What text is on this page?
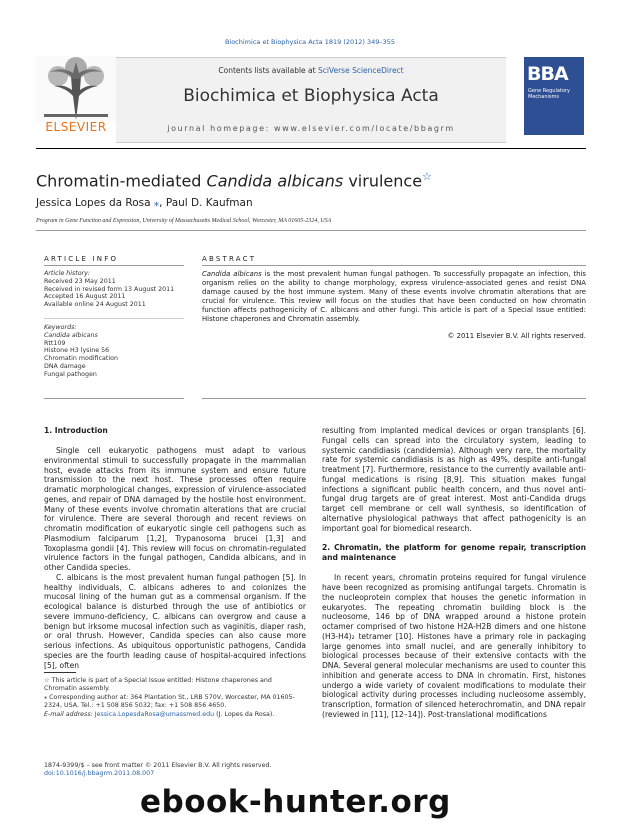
Biochimica et Biophysica Acta 1819 (2012) 349–355
Contents lists available at SciVerse ScienceDirect
Biochimica et Biophysica Acta
journal homepage: www.elsevier.com/locate/bbagrm
ELSEVIER
BBA
Gene Regulatory Mechanisms
Chromatin-mediated Candida albicans virulence☆
Jessica Lopes da Rosa ⁎, Paul D. Kaufman
Program in Gene Function and Expression, University of Massachusetts Medical School, Worcester, MA 01605-2324, USA
ARTICLE INFO	ABSTRACT
Article history:
Received 23 May 2011
Received in revised form 13 August 2011
Accepted 16 August 2011
Available online 24 August 2011
Keywords:
Candida albicans
Rtt109
Histone H3 lysine 56
Chromatin modification
DNA damage
Fungal pathogen
Candida albicans is the most prevalent human fungal pathogen. To successfully propagate an infection, this organism relies on the ability to change morphology, express virulence-associated genes and resist DNA damage caused by the host immune system. Many of these events involve chromatin alterations that are crucial for virulence. This review will focus on the studies that have been conducted on how chromatin function affects pathogenicity of C. albicans and other fungi. This article is part of a Special Issue entitled: Histone chaperones and Chromatin assembly.
© 2011 Elsevier B.V. All rights reserved.
1. Introduction

Single cell eukaryotic pathogens must adapt to various environmental stimuli to successfully propagate in the mammalian host, evade attacks from its immune system and ensure future transmission to the next host. These processes often require dramatic morphological changes, expression of virulence-associated genes, and repair of DNA damaged by the hostile host environment. Many of these events involve chromatin alterations that are crucial for virulence. There are several thorough and recent reviews on chromatin modification of eukaryotic single cell pathogens such as Plasmodium falciparum [1,2], Trypanosoma brucei [1,3] and Toxoplasma gondii [4]. This review will focus on chromatin-regulated virulence factors in the fungal pathogen, Candida albicans, and in other Candida species.

C. albicans is the most prevalent human fungal pathogen [5]. In healthy individuals, C. albicans adheres to and colonizes the mucosal lining of the human gut as a commensal organism. If the ecological balance is disturbed through the use of antibiotics or severe immuno-deficiency, C. albicans can overgrow and cause a benign but irksome mucosal infection such as vaginitis, diaper rash, or oral thrush. However, Candida species can also cause more serious infections. As ubiquitous opportunistic pathogens, Candida species are the fourth leading cause of hospital-acquired infections [5], often

resulting from implanted medical devices or organ transplants [6]. Fungal cells can spread into the circulatory system, leading to systemic candidiasis (candidemia). Although very rare, the mortality rate for systemic candidiasis is as high as 49%, despite anti-fungal treatment [7]. Furthermore, resistance to the currently available anti-fungal medications is rising [8,9]. This situation makes fungal infections a significant public health concern, and thus novel anti-fungal drug targets are of great interest. Most anti-Candida drugs target cell membrane or cell wall synthesis, so identification of alternative physiological pathways that affect pathogenicity is an important goal for biomedical research.

2. Chromatin, the platform for genome repair, transcription and maintenance

In recent years, chromatin proteins required for fungal virulence have been recognized as promising antifungal targets. Chromatin is the nucleoprotein complex that houses the genetic information in eukaryotes. The repeating chromatin building block is the nucleosome, 146 bp of DNA wrapped around a histone protein octamer comprised of two histone H2A-H2B dimers and one histone (H3-H4)₂ tetramer [10]. Histones have a primary role in packaging large genomes into small nuclei, and are generally inhibitory to biological processes because of their extensive contacts with the DNA. Several general molecular mechanisms are used to counter this inhibition and generate access to DNA in chromatin. First, histones undergo a wide variety of covalent modifications to modulate their biological activity during processes including nucleosome assembly, transcription, formation of silenced heterochromatin, and DNA repair (reviewed in [11], [12–14]). Post-translational modifications

☆ This article is part of a Special Issue entitled: Histone chaperones and Chromatin assembly.

⁎ Corresponding author at: 364 Plantation St., LRB 570V, Worcester, MA 01605-2324, USA. Tel.: +1 508 856 5032; fax: +1 508 856 4650.

E-mail address: Jessica.LopesdaRosa@umassmed.edu (J. Lopes da Rosa).

1874-9399/$ – see front matter © 2011 Elsevier B.V. All rights reserved.
doi:10.1016/j.bbagrm.2011.08.007
ebook-hunter.org
